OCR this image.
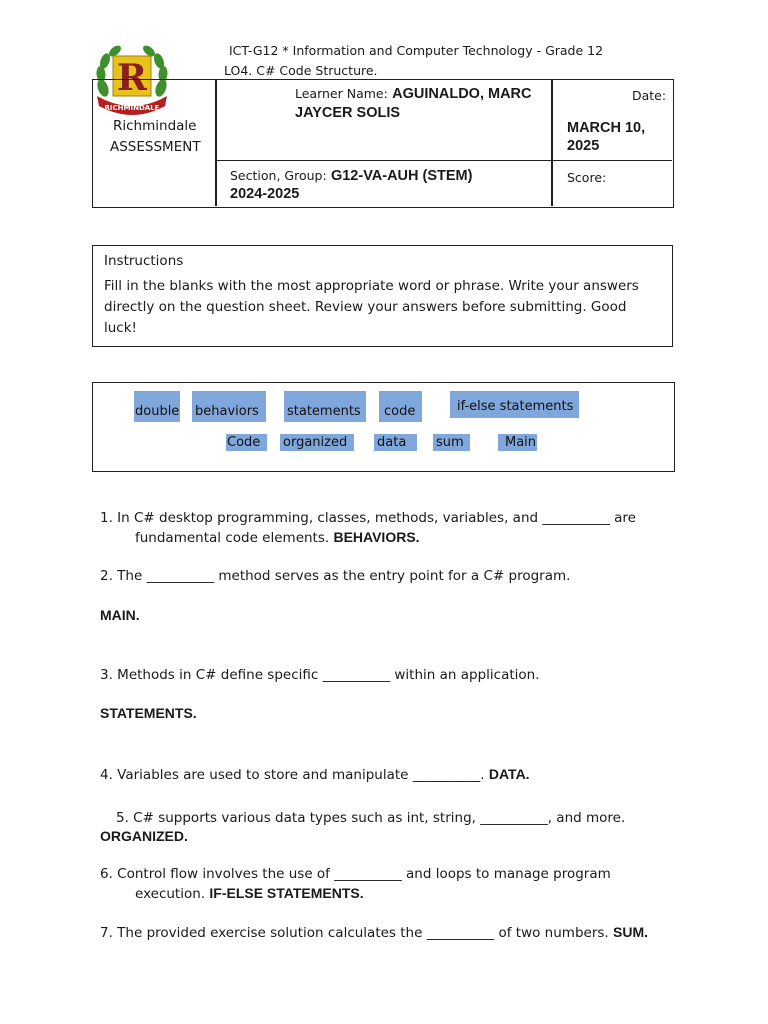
ICT-G12 * Information and Computer Technology - Grade 12
LO4. C# Code Structure.
R
RICHMINDALE
Richmindale
ASSESSMENT
Learner Name: AGUINALDO, MARC
JAYCER SOLIS
Date:
MARCH 10,
2025
Section, Group: G12-VA-AUH (STEM)
2024-2025
Score:
Instructions
Fill in the blanks with the most appropriate word or phrase. Write your answers
directly on the question sheet. Review your answers before submitting. Good
luck!
double behaviors	statements	code	if-else statements
Code	organized	data	sum	Main
1. In C# desktop programming, classes, methods, variables, and __________ are
fundamental code elements. BEHAVIORS.
2. The __________ method serves as the entry point for a C# program.
MAIN.
3. Methods in C# define specific __________ within an application.
STATEMENTS.
4. Variables are used to store and manipulate __________. DATA.
5. C# supports various data types such as int, string, __________, and more.
ORGANIZED.
6. Control flow involves the use of __________ and loops to manage program
execution. IF-ELSE STATEMENTS.
7. The provided exercise solution calculates the __________ of two numbers. SUM.
